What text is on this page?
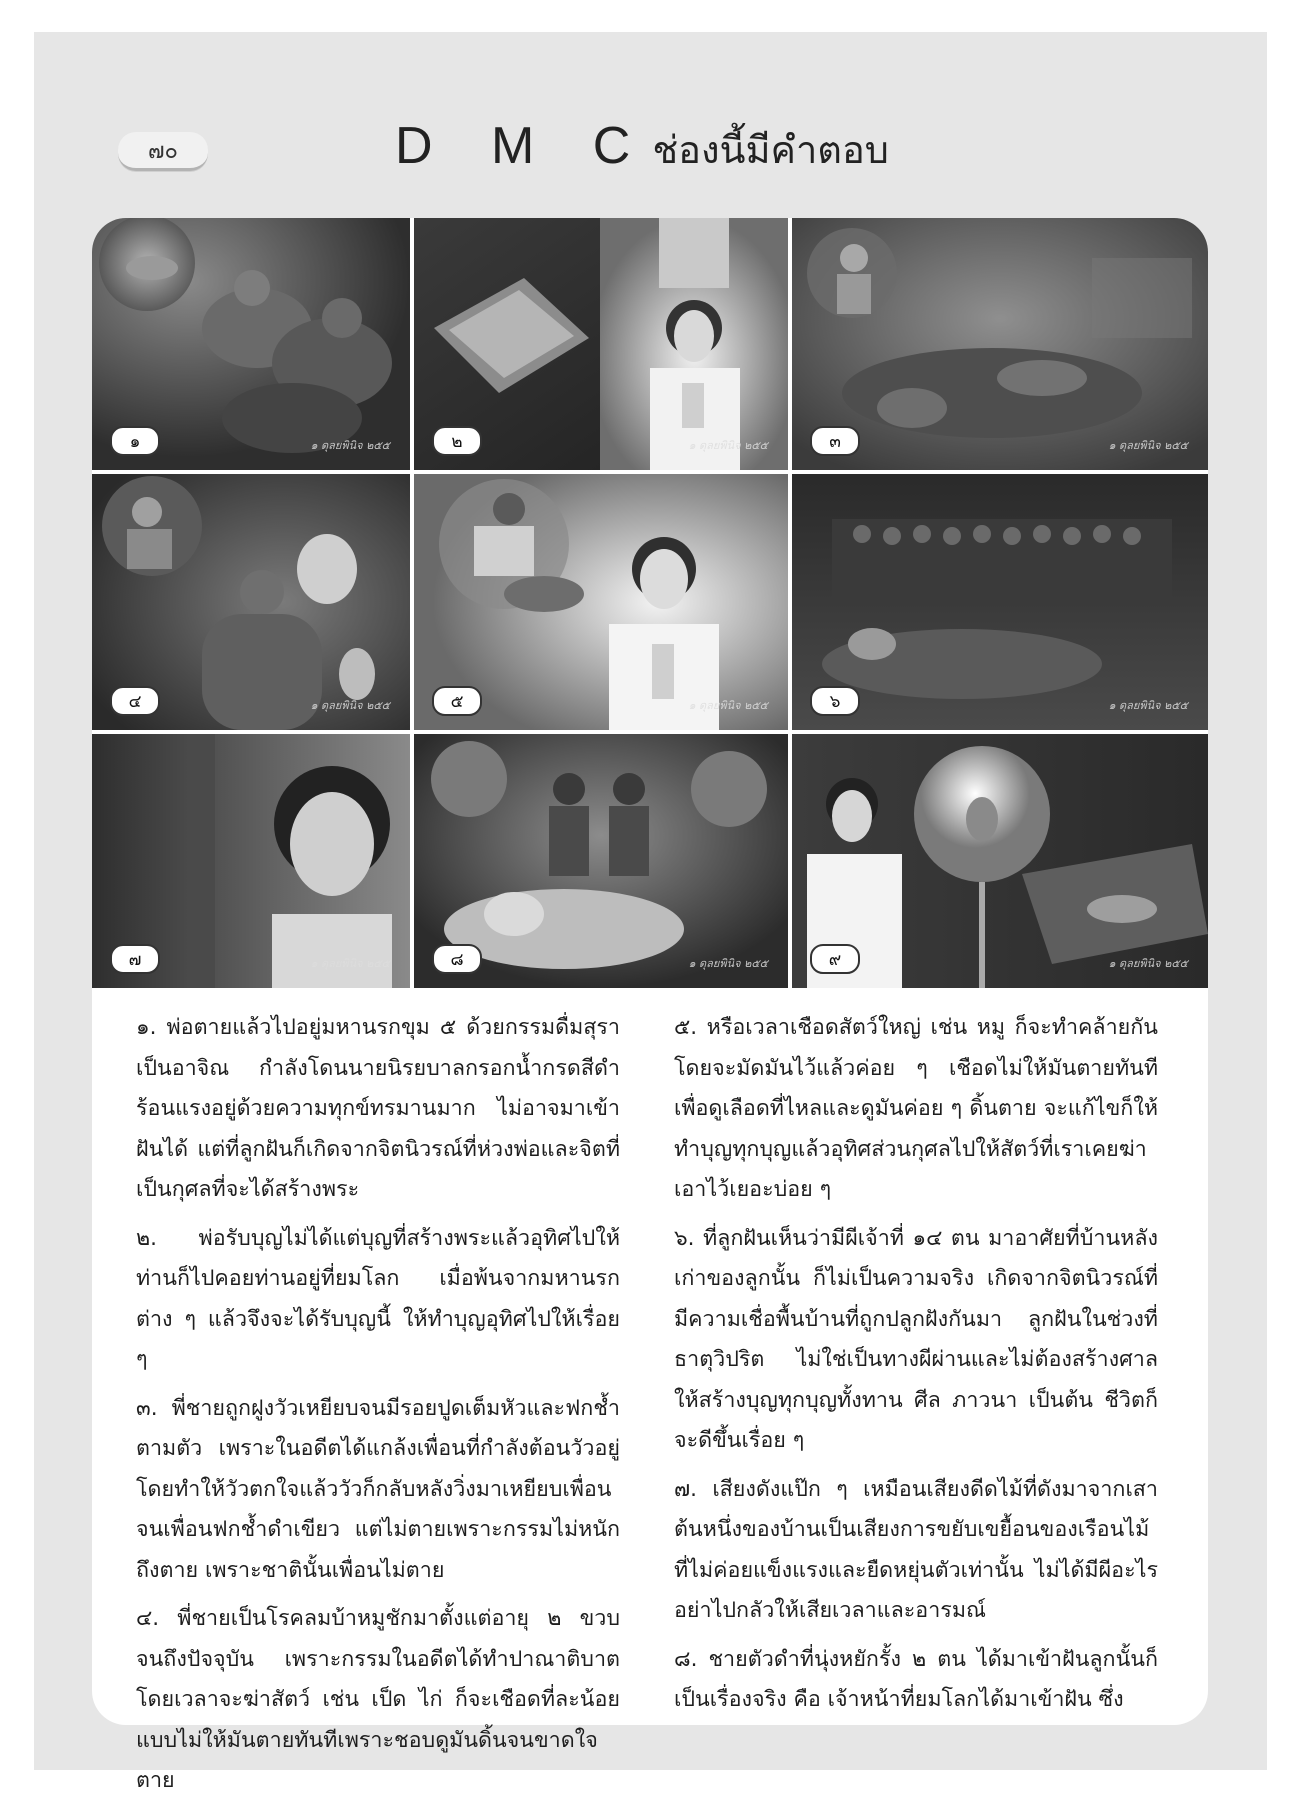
๗๐	D M C ช่องนี้มีคำตอบ
๑	๑ ดุลยพินิจ ๒๕๕	๒	๑ ดุลยพินิจ ๒๕๕	๓	๑ ดุลยพินิจ ๒๕๕
๔	๑ ดุลยพินิจ ๒๕๕	๕	๑ ดุลยพินิจ ๒๕๕	๖	๑ ดุลยพินิจ ๒๕๕
๗	๑ ดุลยพินิจ ๒๕๕	๘	๑ ดุลยพินิจ ๒๕๕	๙	๑ ดุลยพินิจ ๒๕๕

๑. พ่อตายแล้วไปอยู่มหานรกขุม ๕ ด้วยกรรมดื่มสุราเป็นอาจิณ กำลังโดนนายนิรยบาลกรอกน้ำกรดสีดำร้อนแรงอยู่ด้วยความทุกข์ทรมานมาก ไม่อาจมาเข้าฝันได้ แต่ที่ลูกฝันก็เกิดจากจิตนิวรณ์ที่ห่วงพ่อและจิตที่เป็นกุศลที่จะได้สร้างพระ

๒. พ่อรับบุญไม่ได้แต่บุญที่สร้างพระแล้วอุทิศไปให้ท่านก็ไปคอยท่านอยู่ที่ยมโลก เมื่อพ้นจากมหานรกต่าง ๆ แล้วจึงจะได้รับบุญนี้ ให้ทำบุญอุทิศไปให้เรื่อย ๆ

๓. พี่ชายถูกฝูงวัวเหยียบจนมีรอยปูดเต็มหัวและฟกช้ำตามตัว เพราะในอดีตได้แกล้งเพื่อนที่กำลังต้อนวัวอยู่ โดยทำให้วัวตกใจแล้ววัวก็กลับหลังวิ่งมาเหยียบเพื่อนจนเพื่อนฟกช้ำดำเขียว แต่ไม่ตายเพราะกรรมไม่หนักถึงตาย เพราะชาตินั้นเพื่อนไม่ตาย

๔. พี่ชายเป็นโรคลมบ้าหมูชักมาตั้งแต่อายุ ๒ ขวบจนถึงปัจจุบัน เพราะกรรมในอดีตได้ทำปาณาติบาต โดยเวลาจะฆ่าสัตว์ เช่น เป็ด ไก่ ก็จะเชือดที่ละน้อยแบบไม่ให้มันตายทันทีเพราะชอบดูมันดิ้นจนขาดใจตาย

๕. หรือเวลาเชือดสัตว์ใหญ่ เช่น หมู ก็จะทำคล้ายกันโดยจะมัดมันไว้แล้วค่อย ๆ เชือดไม่ให้มันตายทันที เพื่อดูเลือดที่ไหลและดูมันค่อย ๆ ดิ้นตาย จะแก้ไขก็ให้ทำบุญทุกบุญแล้วอุทิศส่วนกุศลไปให้สัตว์ที่เราเคยฆ่าเอาไว้เยอะบ่อย ๆ

๖. ที่ลูกฝันเห็นว่ามีผีเจ้าที่ ๑๔ ตน มาอาศัยที่บ้านหลังเก่าของลูกนั้น ก็ไม่เป็นความจริง เกิดจากจิตนิวรณ์ที่มีความเชื่อพื้นบ้านที่ถูกปลูกฝังกันมา ลูกฝันในช่วงที่ธาตุวิปริต ไม่ใช่เป็นทางผีผ่านและไม่ต้องสร้างศาล ให้สร้างบุญทุกบุญทั้งทาน ศีล ภาวนา เป็นต้น ชีวิตก็จะดีขึ้นเรื่อย ๆ

๗. เสียงดังแป๊ก ๆ เหมือนเสียงดีดไม้ที่ดังมาจากเสาต้นหนึ่งของบ้านเป็นเสียงการขยับเขยื้อนของเรือนไม้ที่ไม่ค่อยแข็งแรงและยืดหยุ่นตัวเท่านั้น ไม่ได้มีผีอะไร อย่าไปกลัวให้เสียเวลาและอารมณ์

๘. ชายตัวดำที่นุ่งหยักรั้ง ๒ ตน ได้มาเข้าฝันลูกนั้นก็เป็นเรื่องจริง คือ เจ้าหน้าที่ยมโลกได้มาเข้าฝัน ซึ่ง
